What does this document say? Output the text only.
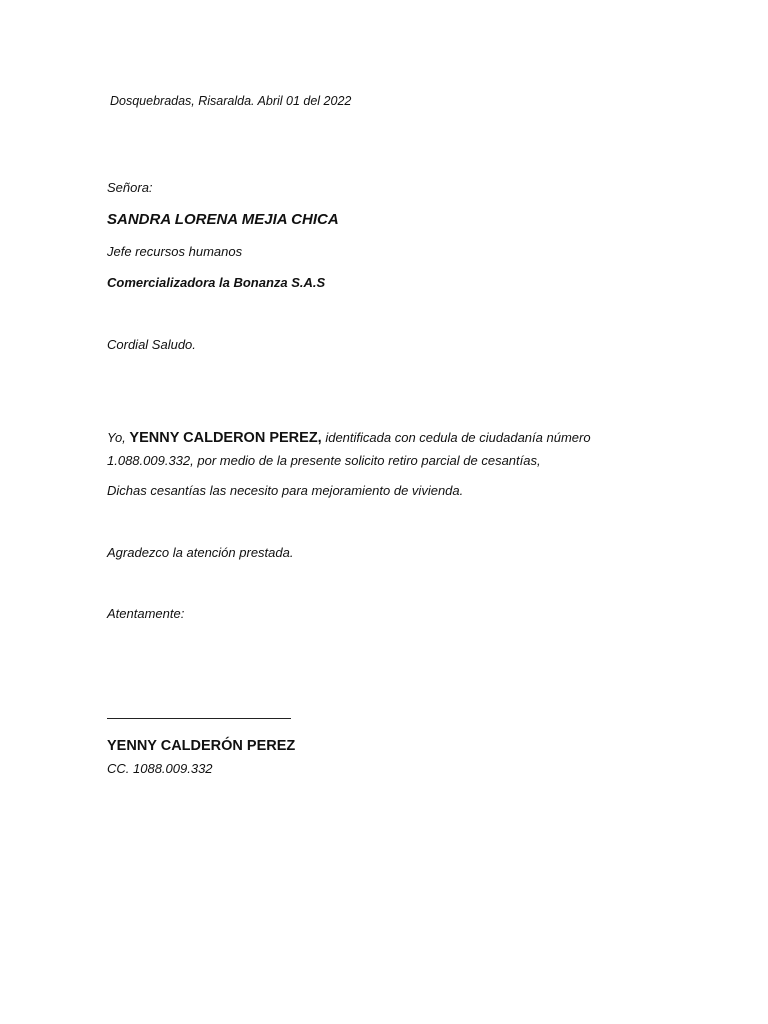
Dosquebradas, Risaralda. Abril 01 del 2022
Señora:
SANDRA LORENA MEJIA CHICA
Jefe recursos humanos
Comercializadora la Bonanza S.A.S
Cordial Saludo.
Yo, YENNY CALDERON PEREZ, identificada con cedula de ciudadanía número
1.088.009.332, por medio de la presente solicito retiro parcial de cesantías,
Dichas cesantías las necesito para mejoramiento de vivienda.
Agradezco la atención prestada.
Atentamente:
YENNY CALDERÓN PEREZ
CC. 1088.009.332
